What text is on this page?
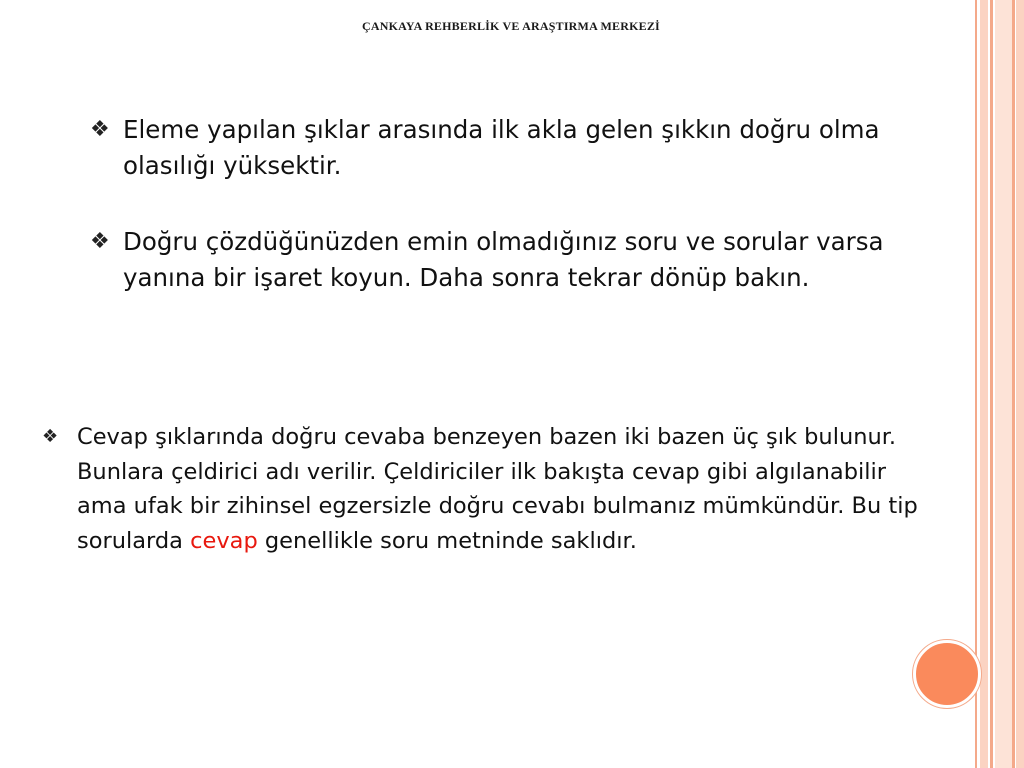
ÇANKAYA REHBERLİK VE ARAŞTIRMA MERKEZİ
❖ Eleme yapılan şıklar arasında ilk akla gelen şıkkın doğru olma olasılığı yüksektir.
❖ Doğru çözdüğünüzden emin olmadığınız soru ve sorular varsa yanına bir işaret koyun. Daha sonra tekrar dönüp bakın.
❖ Cevap şıklarında doğru cevaba benzeyen bazen iki bazen üç şık bulunur. Bunlara çeldirici adı verilir. Çeldiriciler ilk bakışta cevap gibi algılanabilir ama ufak bir zihinsel egzersizle doğru cevabı bulmanız mümkündür. Bu tip sorularda cevap genellikle soru metninde saklıdır.
